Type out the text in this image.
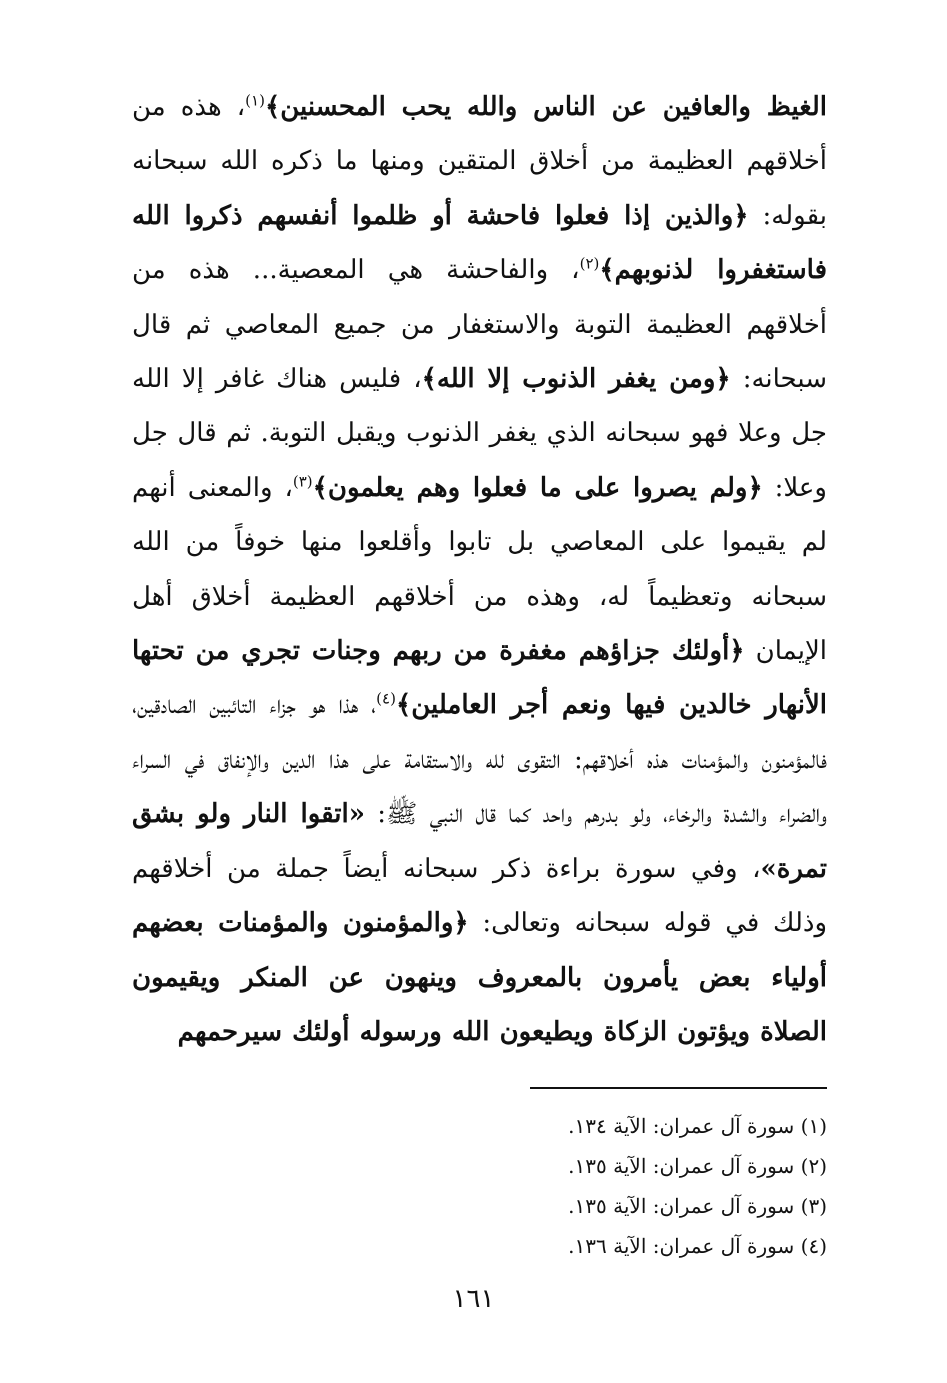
الغيظ والعافين عن الناس والله يحب المحسنين﴾$^{(١)}$، هذه من أخلاقهم العظيمة من أخلاق المتقين ومنها ما ذكره الله سبحانه بقوله: ﴿والذين إذا فعلوا فاحشة أو ظلموا أنفسهم ذكروا الله فاستغفروا لذنوبهم﴾$^{(٢)}$، والفاحشة هي المعصية... هذه من أخلاقهم العظيمة التوبة والاستغفار من جميع المعاصي ثم قال سبحانه: ﴿ومن يغفر الذنوب إلا الله﴾، فليس هناك غافر إلا الله جل وعلا فهو سبحانه الذي يغفر الذنوب ويقبل التوبة. ثم قال جل وعلا: ﴿ولم يصروا على ما فعلوا وهم يعلمون﴾$^{(٣)}$، والمعنى أنهم لم يقيموا على المعاصي بل تابوا وأقلعوا منها خوفاً من الله سبحانه وتعظيماً له، وهذه من أخلاقهم العظيمة أخلاق أهل الإيمان ﴿أولئك جزاؤهم مغفرة من ربهم وجنات تجري من تحتها الأنهار خالدين فيها ونعم أجر العاملين﴾$^{(٤)}$، هذا هو جزاء التائبين الصادقين، فالمؤمنون والمؤمنات هذه أخلاقهم: التقوى لله والاستقامة على هذا الدين والإنفاق في السراء والضراء والشدة والرخاء، ولو بدرهم واحد كما قال النبي ﷺ: «اتقوا النار ولو بشق تمرة»، وفي سورة براءة ذكر سبحانه أيضاً جملة من أخلاقهم وذلك في قوله سبحانه وتعالى: ﴿والمؤمنون والمؤمنات بعضهم أولياء بعض يأمرون بالمعروف وينهون عن المنكر ويقيمون الصلاة ويؤتون الزكاة ويطيعون الله ورسوله أولئك سيرحمهم
(١) سورة آل عمران: الآية ١٣٤.
(٢) سورة آل عمران: الآية ١٣٥.
(٣) سورة آل عمران: الآية ١٣٥.
(٤) سورة آل عمران: الآية ١٣٦.
١٦١
